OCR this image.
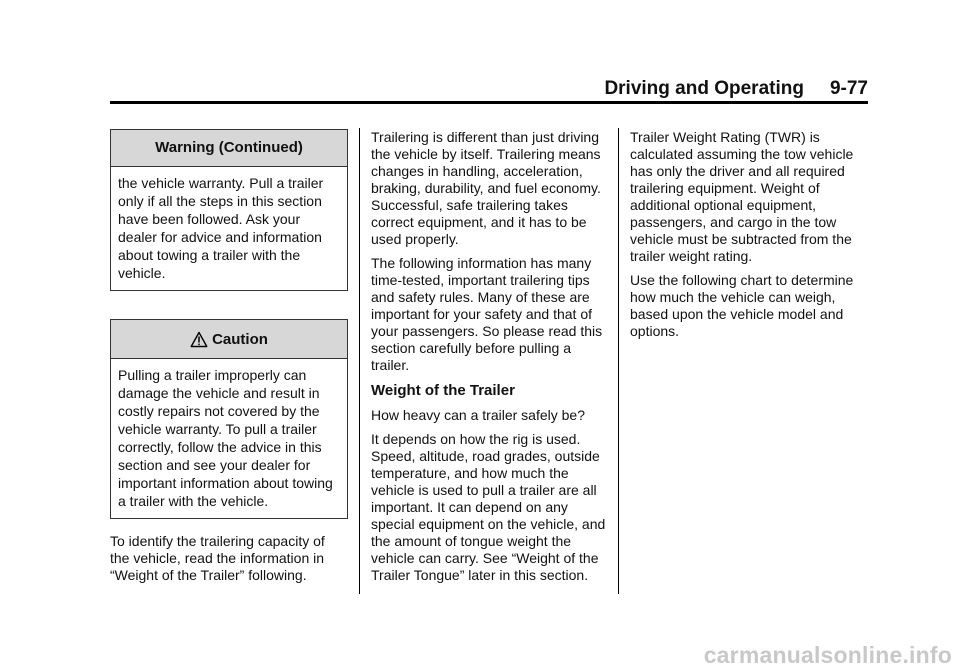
Driving and Operating 9-77
Warning (Continued)
the vehicle warranty. Pull a trailer only if all the steps in this section have been followed. Ask your dealer for advice and information about towing a trailer with the vehicle.
Caution
Pulling a trailer improperly can damage the vehicle and result in costly repairs not covered by the vehicle warranty. To pull a trailer correctly, follow the advice in this section and see your dealer for important information about towing a trailer with the vehicle.

To identify the trailering capacity of the vehicle, read the information in “Weight of the Trailer” following.

Trailering is different than just driving the vehicle by itself. Trailering means changes in handling, acceleration, braking, durability, and fuel economy. Successful, safe trailering takes correct equipment, and it has to be used properly.

The following information has many time-tested, important trailering tips and safety rules. Many of these are important for your safety and that of your passengers. So please read this section carefully before pulling a trailer.

Weight of the Trailer

How heavy can a trailer safely be?

It depends on how the rig is used. Speed, altitude, road grades, outside temperature, and how much the vehicle is used to pull a trailer are all important. It can depend on any special equipment on the vehicle, and the amount of tongue weight the vehicle can carry. See “Weight of the Trailer Tongue” later in this section.

Trailer Weight Rating (TWR) is calculated assuming the tow vehicle has only the driver and all required trailering equipment. Weight of additional optional equipment, passengers, and cargo in the tow vehicle must be subtracted from the trailer weight rating.

Use the following chart to determine how much the vehicle can weigh, based upon the vehicle model and options.

carmanualsonline.info
